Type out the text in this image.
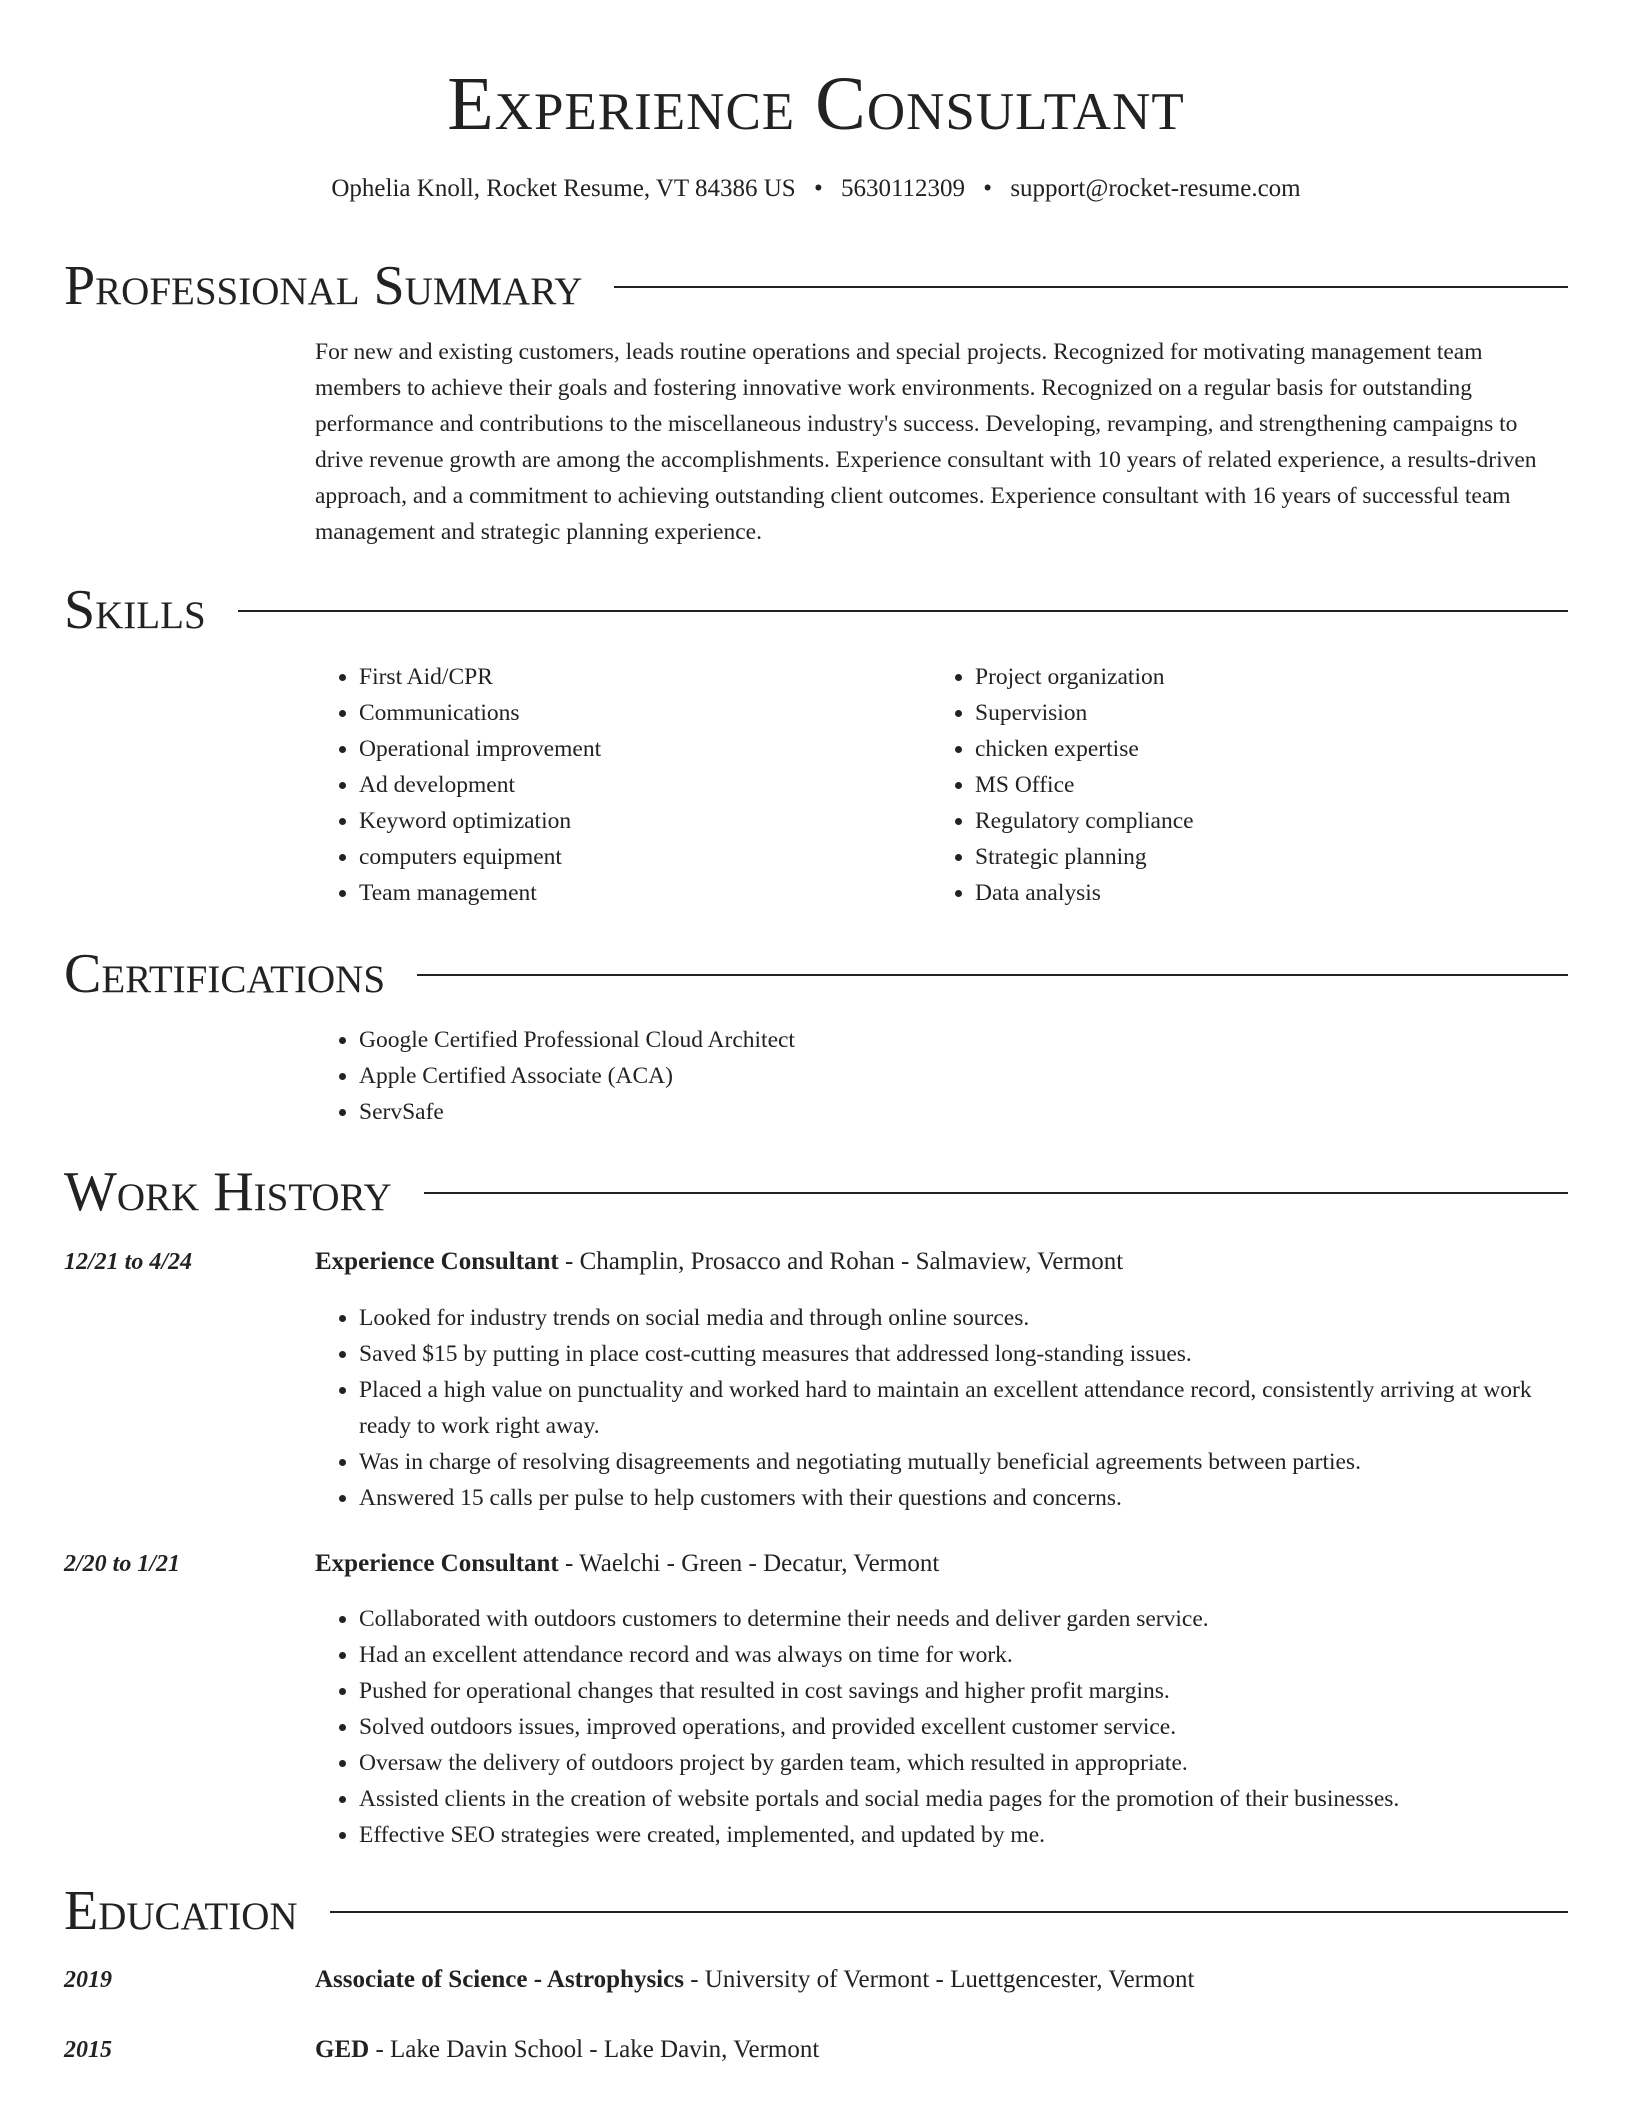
Experience Consultant
Ophelia Knoll, Rocket Resume, VT 84386 US • 5630112309 • support@rocket-resume.com
Professional Summary
For new and existing customers, leads routine operations and special projects. Recognized for motivating management team members to achieve their goals and fostering innovative work environments. Recognized on a regular basis for outstanding performance and contributions to the miscellaneous industry's success. Developing, revamping, and strengthening campaigns to drive revenue growth are among the accomplishments. Experience consultant with 10 years of related experience, a results-driven approach, and a commitment to achieving outstanding client outcomes. Experience consultant with 16 years of successful team management and strategic planning experience.
Skills
• First Aid/CPR
• Communications
• Operational improvement
• Ad development
• Keyword optimization
• computers equipment
• Team management
• Project organization
• Supervision
• chicken expertise
• MS Office
• Regulatory compliance
• Strategic planning
• Data analysis
Certifications
• Google Certified Professional Cloud Architect
• Apple Certified Associate (ACA)
• ServSafe
Work History
12/21 to 4/24	Experience Consultant - Champlin, Prosacco and Rohan - Salmaview, Vermont
• Looked for industry trends on social media and through online sources.
• Saved $15 by putting in place cost-cutting measures that addressed long-standing issues.
• Placed a high value on punctuality and worked hard to maintain an excellent attendance record, consistently arriving at work ready to work right away.
• Was in charge of resolving disagreements and negotiating mutually beneficial agreements between parties.
• Answered 15 calls per pulse to help customers with their questions and concerns.
2/20 to 1/21	Experience Consultant - Waelchi - Green - Decatur, Vermont
• Collaborated with outdoors customers to determine their needs and deliver garden service.
• Had an excellent attendance record and was always on time for work.
• Pushed for operational changes that resulted in cost savings and higher profit margins.
• Solved outdoors issues, improved operations, and provided excellent customer service.
• Oversaw the delivery of outdoors project by garden team, which resulted in appropriate.
• Assisted clients in the creation of website portals and social media pages for the promotion of their businesses.
• Effective SEO strategies were created, implemented, and updated by me.
Education
2019	Associate of Science - Astrophysics - University of Vermont - Luettgencester, Vermont
2015	GED - Lake Davin School - Lake Davin, Vermont
